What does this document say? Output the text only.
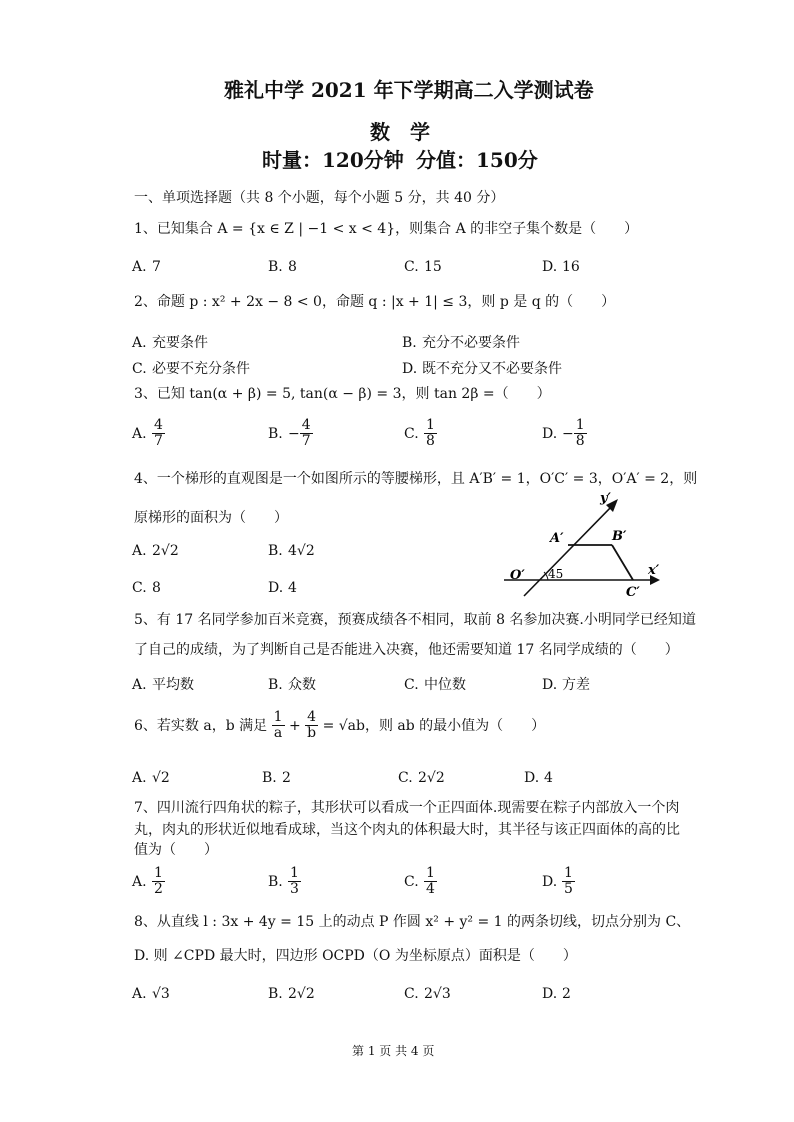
雅礼中学 2021 年下学期高二入学测试卷
数　学
时量：120分钟 分值：150分
一、单项选择题（共 8 个小题，每个小题 5 分，共 40 分）
1、已知集合 A = {x ∈ Z | −1 < x < 4}，则集合 A 的非空子集个数是（　　）
A. 7	B. 8	C. 15	D. 16
2、命题 p : x² + 2x − 8 < 0，命题 q : |x + 1| ≤ 3，则 p 是 q 的（　　）
A. 充要条件	B. 充分不必要条件
C. 必要不充分条件	D. 既不充分又不必要条件
3、已知 tan(α + β) = 5, tan(α − β) = 3，则 tan 2β =（　　）
A. $\frac{4}{7}$	B. − $\frac{4}{7}$	C. $\frac{1}{8}$	D. − $\frac{1}{8}$
4、一个梯形的直观图是一个如图所示的等腰梯形，且 A′B′ = 1，O′C′ = 3，O′A′ = 2，则
原梯形的面积为（　　）
A. 2√2	B. 4√2
C. 8	D. 4
y′
x′
O′
A′	B′
C′
45
5、有 17 名同学参加百米竞赛，预赛成绩各不相同，取前 8 名参加决赛.小明同学已经知道
了自己的成绩，为了判断自己是否能进入决赛，他还需要知道 17 名同学成绩的（　　）
A. 平均数	B. 众数	C. 中位数	D. 方差
6、若实数 a，b 满足 $\frac{1}{a} + \frac{4}{b} = √ab$，则 ab 的最小值为（　　）
A. √2	B. 2	C. 2√2	D. 4
7、四川流行四角状的粽子，其形状可以看成一个正四面体.现需要在粽子内部放入一个肉
丸，肉丸的形状近似地看成球，当这个肉丸的体积最大时，其半径与该正四面体的高的比
值为（　　）
A. $\frac{1}{2}$	B. $\frac{1}{3}$	C. $\frac{1}{4}$	D. $\frac{1}{5}$
8、从直线 l : 3x + 4y = 15 上的动点 P 作圆 x² + y² = 1 的两条切线，切点分别为 C、
D. 则 ∠CPD 最大时，四边形 OCPD（O 为坐标原点）面积是（　　）
A. √3	B. 2√2	C. 2√3	D. 2
第 1 页 共 4 页
